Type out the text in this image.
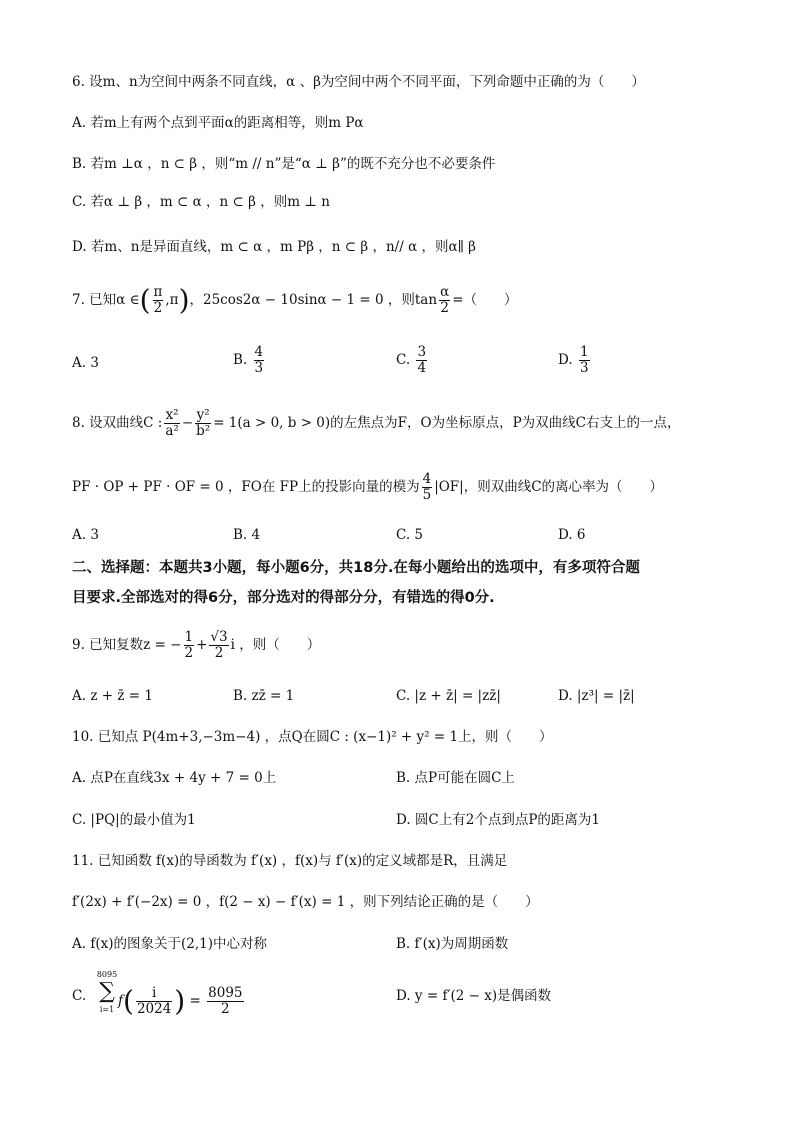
6. 设m、n为空间中两条不同直线，α 、β为空间中两个不同平面，下列命题中正确的为（　　）
A. 若m上有两个点到平面α的距离相等，则m Pα
B. 若m ⊥α ，n ⊂ β ，则“m // n”是“α ⊥ β”的既不充分也不必要条件
C. 若α ⊥ β ，m ⊂ α ，n ⊂ β ，则m ⊥ n
D. 若m、n是异面直线，m ⊂ α ，m Pβ ，n ⊂ β ，n// α ，则α∥ β
7. 已知α ∈( $\frac{\pi}{2} ,\pi$)，25cos2α − 10sinα − 1 = 0 ，则$\tan \frac{\alpha}{2}$ =（　　）
A. 3	B. $\frac{4}{3}$	C. $\frac{3}{4}$	D. $\frac{1}{3}$
8. 设双曲线C : $\frac{\text{x²}}{\text{a²}} - \frac{\text{y²}}{\text{b²}} = 1(a > 0$, b > 0)的左焦点为F，O为坐标原点，P为双曲线C右支上的一点，
PF · OP + PF · OF = 0 ，FO在 FP上的投影向量的模为 $\frac{4}{5} |OF|$，则双曲线C的离心率为（　　）
A. 3	B. 4	C. 5	D. 6
二、选择题：本题共3小题，每小题6分，共18分.在每小题给出的选项中，有多项符合题
目要求.全部选对的得6分，部分选对的得部分分，有错选的得0分.
9. 已知复数z = − $\frac{1}{2} + \frac{√3}{2}$ i ，则（　　）
A. z + z̄ = 1	B. zz̄ = 1	C. |z + z̄| = |zz̄|	D. |z³| = |z̄|
10. 已知点 P(4m+3,−3m−4) ，点Q在圆C : (x−1)² + y² = 1上，则（　　）
A. 点P在直线3x + 4y + 7 = 0上	B. 点P可能在圆C上
C. |PQ|的最小值为1	D. 圆C上有2个点到点P的距离为1
11. 已知函数 f(x)的导函数为 f′(x) ，f(x)与 f′(x)的定义域都是R，且满足
f′(2x) + f′(−2x) = 0 ，f(2 − x) − f′(x) = 1 ，则下列结论正确的是（　　）
A. f(x)的图象关于(2,1)中心对称	B. f′(x)为周期函数
C.
8095
∑
i=1
$f( \frac{i}{2024}$ ) = $\frac{8095}{2}$	D. y = f′(2 − x)是偶函数
